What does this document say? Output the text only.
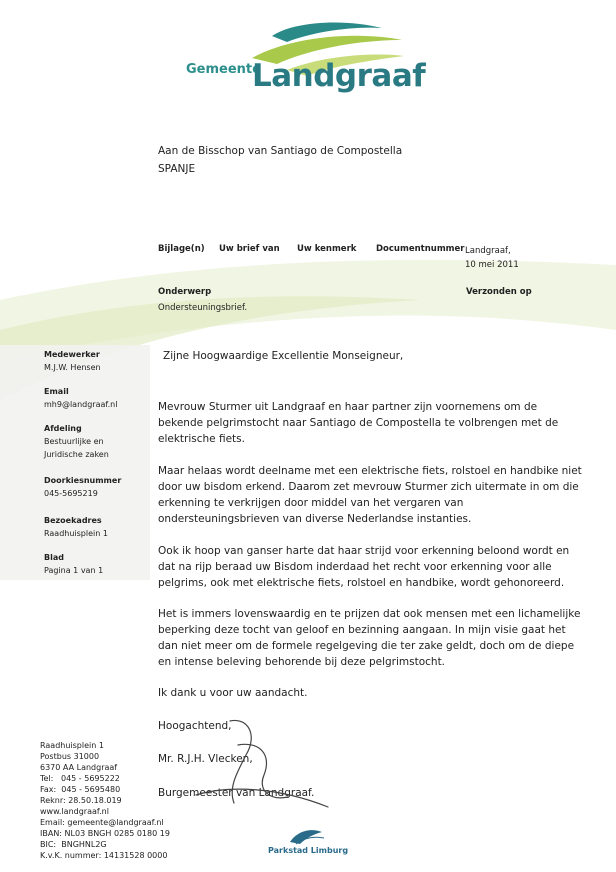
Gemeente
Landgraaf
Aan de Bisschop van Santiago de Compostella
SPANJE
Bijlage(n) Uw brief van Uw kenmerk Documentnummer Landgraaf,
10 mei 2011
Onderwerp
Ondersteuningsbrief.
Verzonden op
Medewerker
M.J.W. Hensen
Email
mh9@landgraaf.nl
Afdeling
Bestuurlijke en
Juridische zaken
Doorkiesnummer
045-5695219
Bezoekadres
Raadhuisplein 1
Blad
Pagina 1 van 1
Zijne Hoogwaardige Excellentie Monseigneur,

Mevrouw Sturmer uit Landgraaf en haar partner zijn voornemens om de bekende pelgrimstocht naar Santiago de Compostella te volbrengen met de elektrische fiets.

Maar helaas wordt deelname met een elektrische fiets, rolstoel en handbike niet door uw bisdom erkend. Daarom zet mevrouw Sturmer zich uitermate in om die erkenning te verkrijgen door middel van het vergaren van ondersteuningsbrieven van diverse Nederlandse instanties.

Ook ik hoop van ganser harte dat haar strijd voor erkenning beloond wordt en dat na rijp beraad uw Bisdom inderdaad het recht voor erkenning voor alle pelgrims, ook met elektrische fiets, rolstoel en handbike, wordt gehonoreerd.

Het is immers lovenswaardig en te prijzen dat ook mensen met een lichamelijke beperking deze tocht van geloof en bezinning aangaan. In mijn visie gaat het dan niet meer om de formele regelgeving die ter zake geldt, doch om de diepe en intense beleving behorende bij deze pelgrimstocht.

Ik dank u voor uw aandacht.
Hoogachtend,
Mr. R.J.H. Vlecken,
Burgemeester van Landgraaf.
Raadhuisplein 1
Postbus 31000
6370 AA Landgraaf
Tel:   045 - 5695222
Fax:  045 - 5695480
Reknr: 28.50.18.019
www.landgraaf.nl
Email: gemeente@landgraaf.nl
IBAN: NL03 BNGH 0285 0180 19
BIC:  BNGHNL2G
K.v.K. nummer: 14131528 0000
Parkstad Limburg
